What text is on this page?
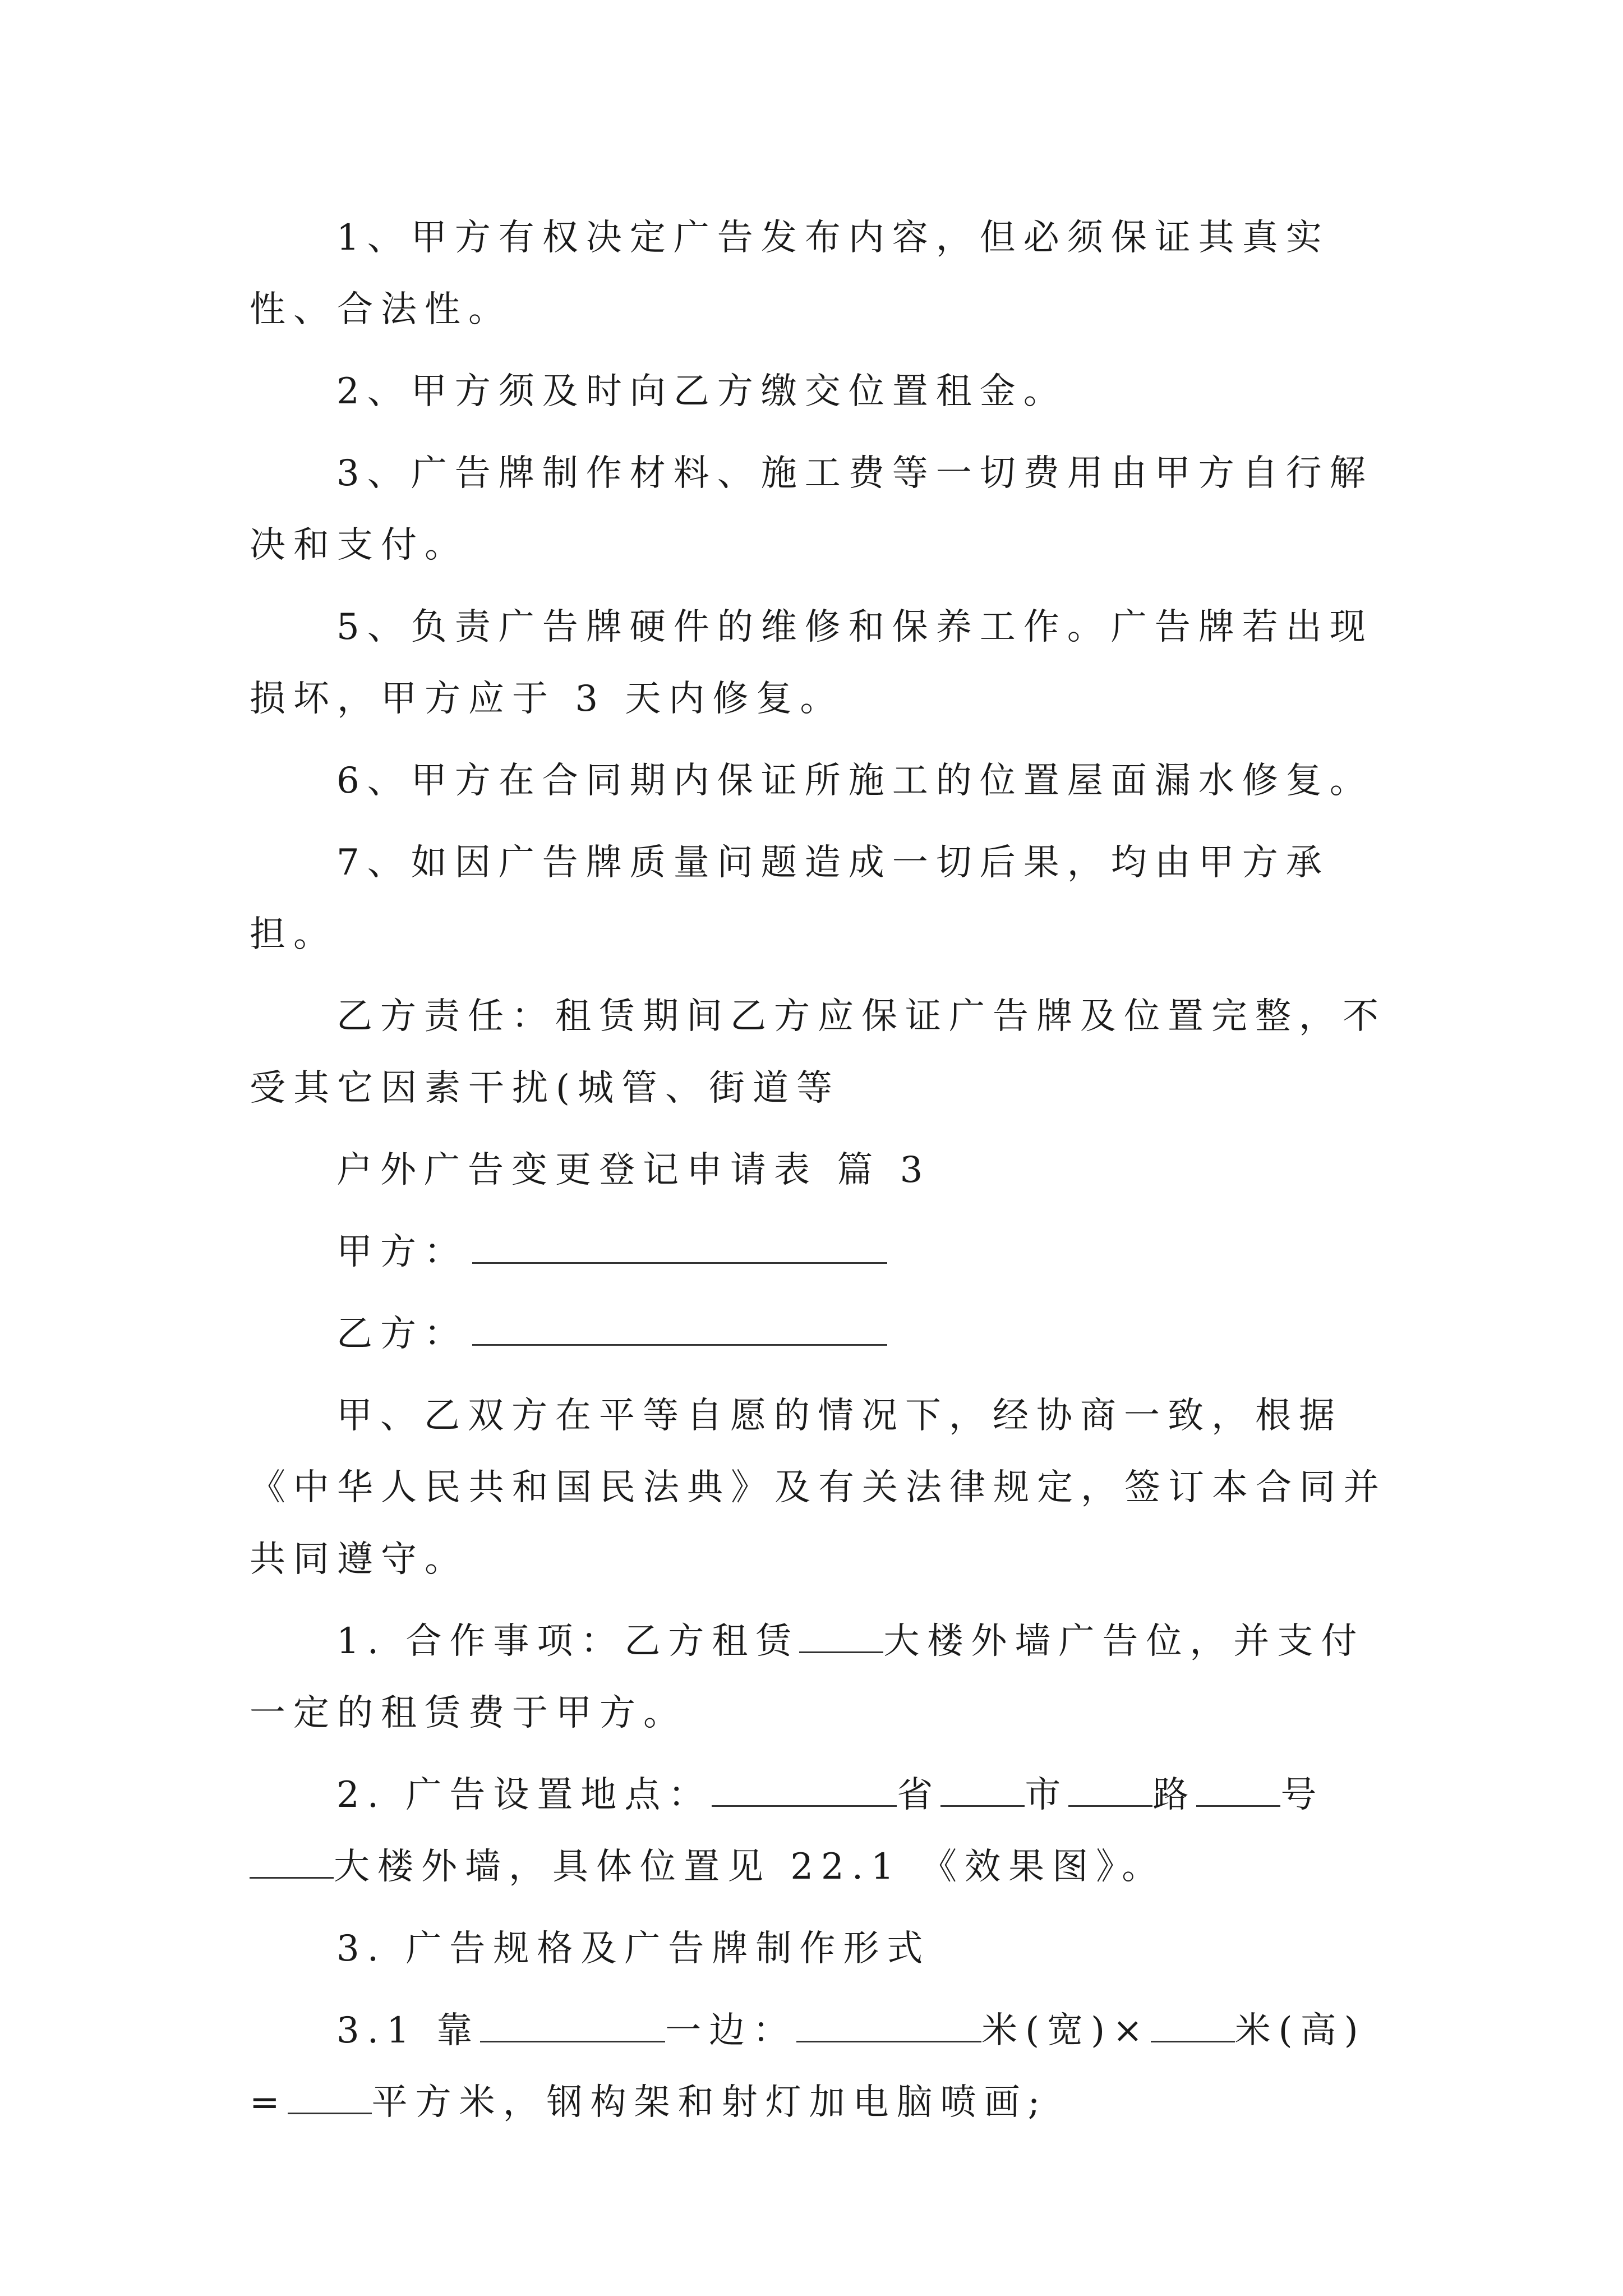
1、甲方有权决定广告发布内容，但必须保证其真实性、合法性。

2、甲方须及时向乙方缴交位置租金。

3、广告牌制作材料、施工费等一切费用由甲方自行解决和支付。

5、负责广告牌硬件的维修和保养工作。广告牌若出现损坏，甲方应于 3 天内修复。

6、甲方在合同期内保证所施工的位置屋面漏水修复。

7、如因广告牌质量问题造成一切后果，均由甲方承担。

乙方责任：租赁期间乙方应保证广告牌及位置完整，不受其它因素干扰(城管、街道等

户外广告变更登记申请表 篇 3
甲方：
乙方：

甲、乙双方在平等自愿的情况下，经协商一致，根据《中华人民共和国民法典》及有关法律规定，签订本合同并共同遵守。

1. 合作事项：乙方租赁 大楼外墙广告位，并支付一定的租赁费于甲方。

2. 广告设置地点：	省 市 路 号大楼外墙，具体位置见 22.1 《效果图》。

3. 广告规格及广告牌制作形式

3.1 靠	一边：	米(宽)× 米(高)= 平方米，钢构架和射灯加电脑喷画;
